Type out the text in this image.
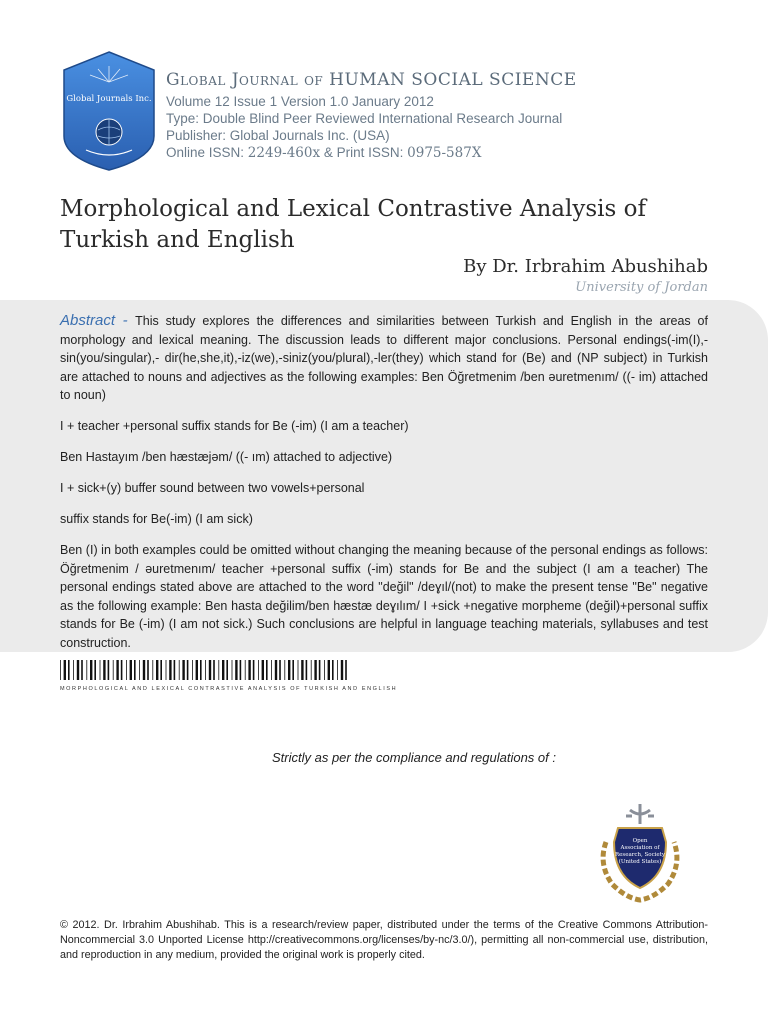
Global Journals Inc.
Global Journal of HUMAN SOCIAL SCIENCE
Volume 12 Issue 1 Version 1.0 January 2012
Type: Double Blind Peer Reviewed International Research Journal
Publisher: Global Journals Inc. (USA)
Online ISSN: 2249-460x & Print ISSN: 0975-587X
Morphological and Lexical Contrastive Analysis of Turkish and English
By Dr. Irbrahim Abushihab
University of Jordan

Abstract - This study explores the differences and similarities between Turkish and English in the areas of morphology and lexical meaning. The discussion leads to different major conclusions. Personal endings(-im(I),-sin(you/singular),- dir(he,she,it),-iz(we),-siniz(you/plural),-ler(they) which stand for (Be) and (NP subject) in Turkish are attached to nouns and adjectives as the following examples: Ben Öğretmenim /ben əuretmenım/ ((- im) attached to noun)

I + teacher +personal suffix stands for Be (-im) (I am a teacher)

Ben Hastayım /ben hæstæjəm/ ((- ım) attached to adjective)

I + sick+(y) buffer sound between two vowels+personal

suffix stands for Be(-im) (I am sick)

Ben (I) in both examples could be omitted without changing the meaning because of the personal endings as follows: Öğretmenim / əuretmenım/ teacher +personal suffix (-im) stands for Be and the subject (I am a teacher) The personal endings stated above are attached to the word "değil" /deɣıl/(not) to make the present tense "Be" negative as the following example: Ben hasta değilim/ben hæstæ deɣılım/ I +sick +negative morpheme (değil)+personal suffix stands for Be (-im) (I am not sick.) Such conclusions are helpful in language teaching materials, syllabuses and test construction.

MORPHOLOGICAL AND LEXICAL CONTRASTIVE ANALYSIS OF TURKISH AND ENGLISH
Strictly as per the compliance and regulations of :
Open
Association of
Research, Society
(United States)
© 2012. Dr. Irbrahim Abushihab. This is a research/review paper, distributed under the terms of the Creative Commons Attribution-Noncommercial 3.0 Unported License http://creativecommons.org/licenses/by-nc/3.0/), permitting all non-commercial use, distribution, and reproduction in any medium, provided the original work is properly cited.
